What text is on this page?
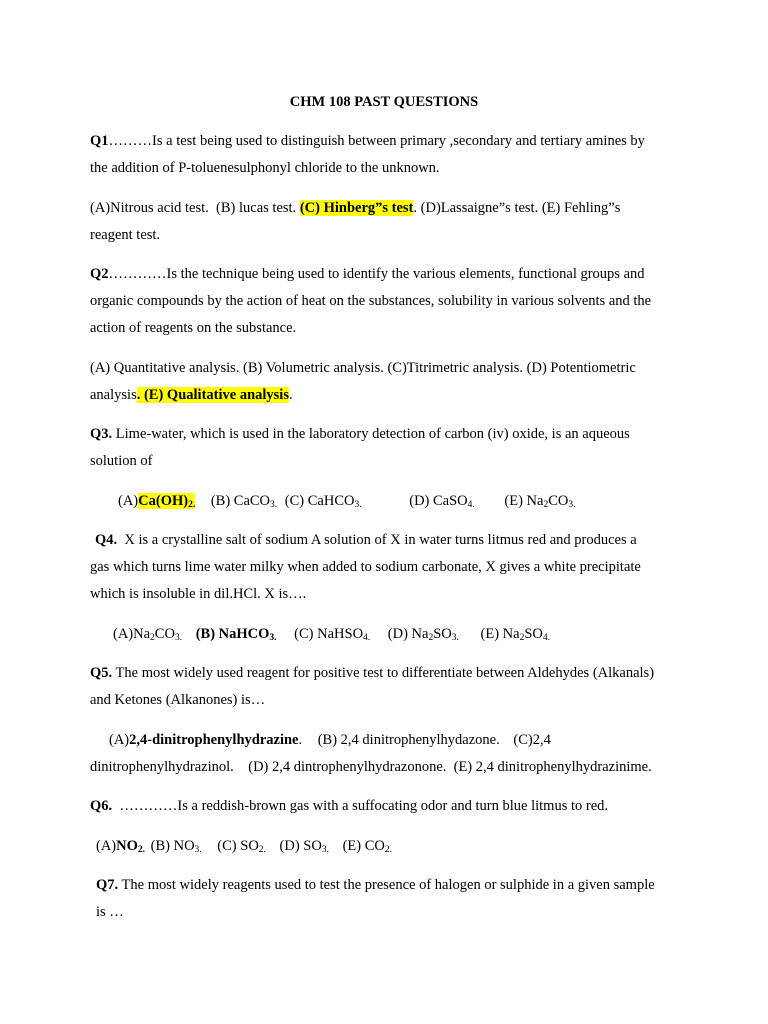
CHM 108 PAST QUESTIONS
Q1………Is a test being used to distinguish between primary ,secondary and tertiary amines by
the addition of P-toluenesulphonyl chloride to the unknown.
(A)Nitrous acid test. (B) lucas test. (C) Hinberg”s test. (D)Lassaigne”s test. (E) Fehling”s
reagent test.
Q2…………Is the technique being used to identify the various elements, functional groups and
organic compounds by the action of heat on the substances, solubility in various solvents and the
action of reagents on the substance.
(A) Quantitative analysis. (B) Volumetric analysis. (C)Titrimetric analysis. (D) Potentiometric
analysis. (E) Qualitative analysis.
Q3. Lime-water, which is used in the laboratory detection of carbon (iv) oxide, is an aqueous
solution of
(A)Ca(OH)2. (B) CaCO3. (C) CaHCO3.	(D) CaSO4. (E) Na2CO3.
Q4. X is a crystalline salt of sodium A solution of X in water turns litmus red and produces a
gas which turns lime water milky when added to sodium carbonate, X gives a white precipitate
which is insoluble in dil.HCl. X is….
(A)Na2CO3. (B) NaHCO3. (C) NaHSO4. (D) Na2SO3. (E) Na2SO4.
Q5. The most widely used reagent for positive test to differentiate between Aldehydes (Alkanals)
and Ketones (Alkanones) is…
(A)2,4-dinitrophenylhydrazine. (B) 2,4 dinitrophenylhydazone. (C)2,4
dinitrophenylhydrazinol.    (D) 2,4 dintrophenylhydrazonone.  (E) 2,4 dinitrophenylhydrazinime.
Q6. …………Is a reddish-brown gas with a suffocating odor and turn blue litmus to red.
(A)NO2. (B) NO3. (C) SO2. (D) SO3. (E) CO2.
Q7. The most widely reagents used to test the presence of halogen or sulphide in a given sample
is …
